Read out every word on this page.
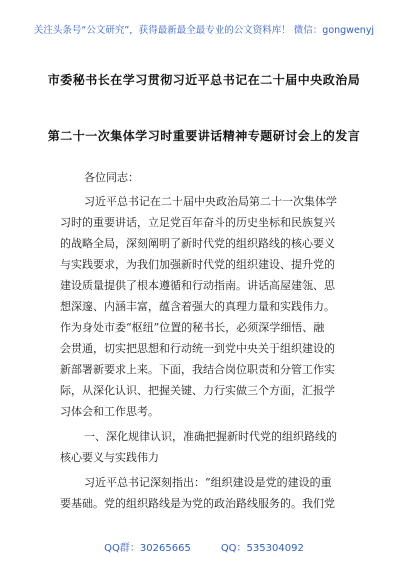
关注头条号“公文研究”，获得最新最全最专业的公文资料库！ 微信：gongwenyj
市委秘书长在学习贯彻习近平总书记在二十届中央政治局
第二十一次集体学习时重要讲话精神专题研讨会上的发言
各位同志：
习近平总书记在二十届中央政治局第二十一次集体学
习时的重要讲话，立足党百年奋斗的历史坐标和民族复兴
的战略全局，深刻阐明了新时代党的组织路线的核心要义
与实践要求，为我们加强新时代党的组织建设、提升党的
建设质量提供了根本遵循和行动指南。讲话高屋建瓴、思
想深邃、内涵丰富，蕴含着强大的真理力量和实践伟力。
作为身处市委“枢纽”位置的秘书长，必须深学细悟、融
会贯通，切实把思想和行动统一到党中央关于组织建设的
新部署新要求上来。下面，我结合岗位职责和分管工作实
际，从深化认识、把握关键、力行实做三个方面，汇报学
习体会和工作思考。
一、深化规律认识，准确把握新时代党的组织路线的
核心要义与实践伟力
习近平总书记深刻指出：“组织建设是党的建设的重
要基础。党的组织路线是为党的政治路线服务的。我们党
QQ群：30265665	QQ：535304092
